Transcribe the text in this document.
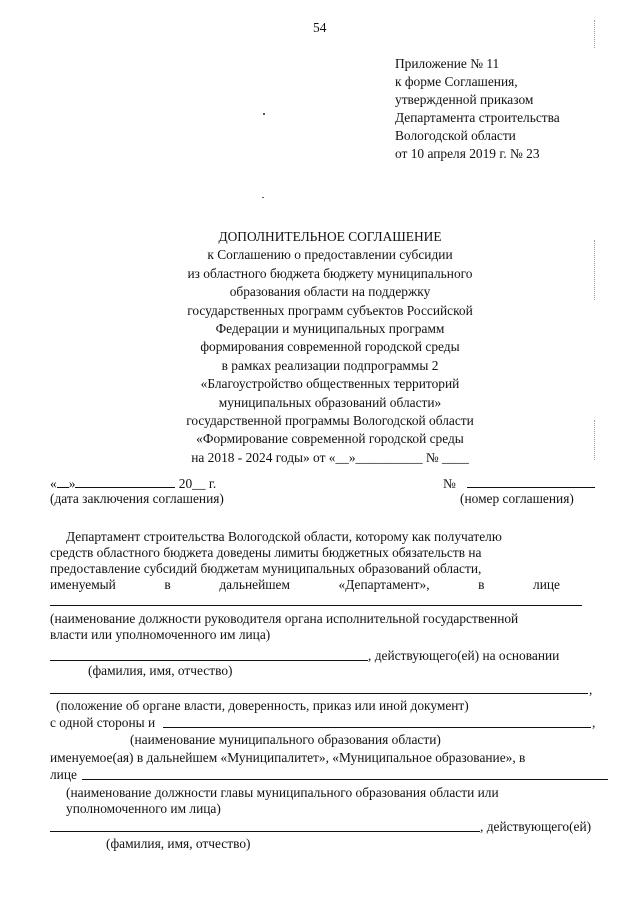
54
Приложение № 11
к форме Соглашения,
утвержденной приказом
Департамента строительства
Вологодской области
от 10 апреля 2019 г. № 23
ДОПОЛНИТЕЛЬНОЕ СОГЛАШЕНИЕ
к Соглашению о предоставлении субсидии
из областного бюджета бюджету муниципального
образования области на поддержку
государственных программ субъектов Российской
Федерации и муниципальных программ
формирования современной городской среды
в рамках реализации подпрограммы 2
«Благоустройство общественных территорий
муниципальных образований области»
государственной программы Вологодской области
«Формирование современной городской среды
на 2018 - 2024 годы» от «__»__________ № ____
« »	20__ г.	№
(дата заключения соглашения)	(номер соглашения)
Департамент строительства Вологодской области, которому как получателю
средств областного бюджета доведены лимиты бюджетных обязательств на
предоставление субсидий бюджетам муниципальных образований области,
именуемый	в	дальнейшем	«Департамент»,	в	лице
(наименование должности руководителя органа исполнительной государственной
власти или уполномоченного им лица)
, действующего(ей) на основании
(фамилия, имя, отчество)
,
(положение об органе власти, доверенность, приказ или иной документ)
с одной стороны и	,
(наименование муниципального образования области)
именуемое(ая) в дальнейшем «Муниципалитет», «Муниципальное образование», в
лице
(наименование должности главы муниципального образования области или
уполномоченного им лица)
, действующего(ей)
(фамилия, имя, отчество)
